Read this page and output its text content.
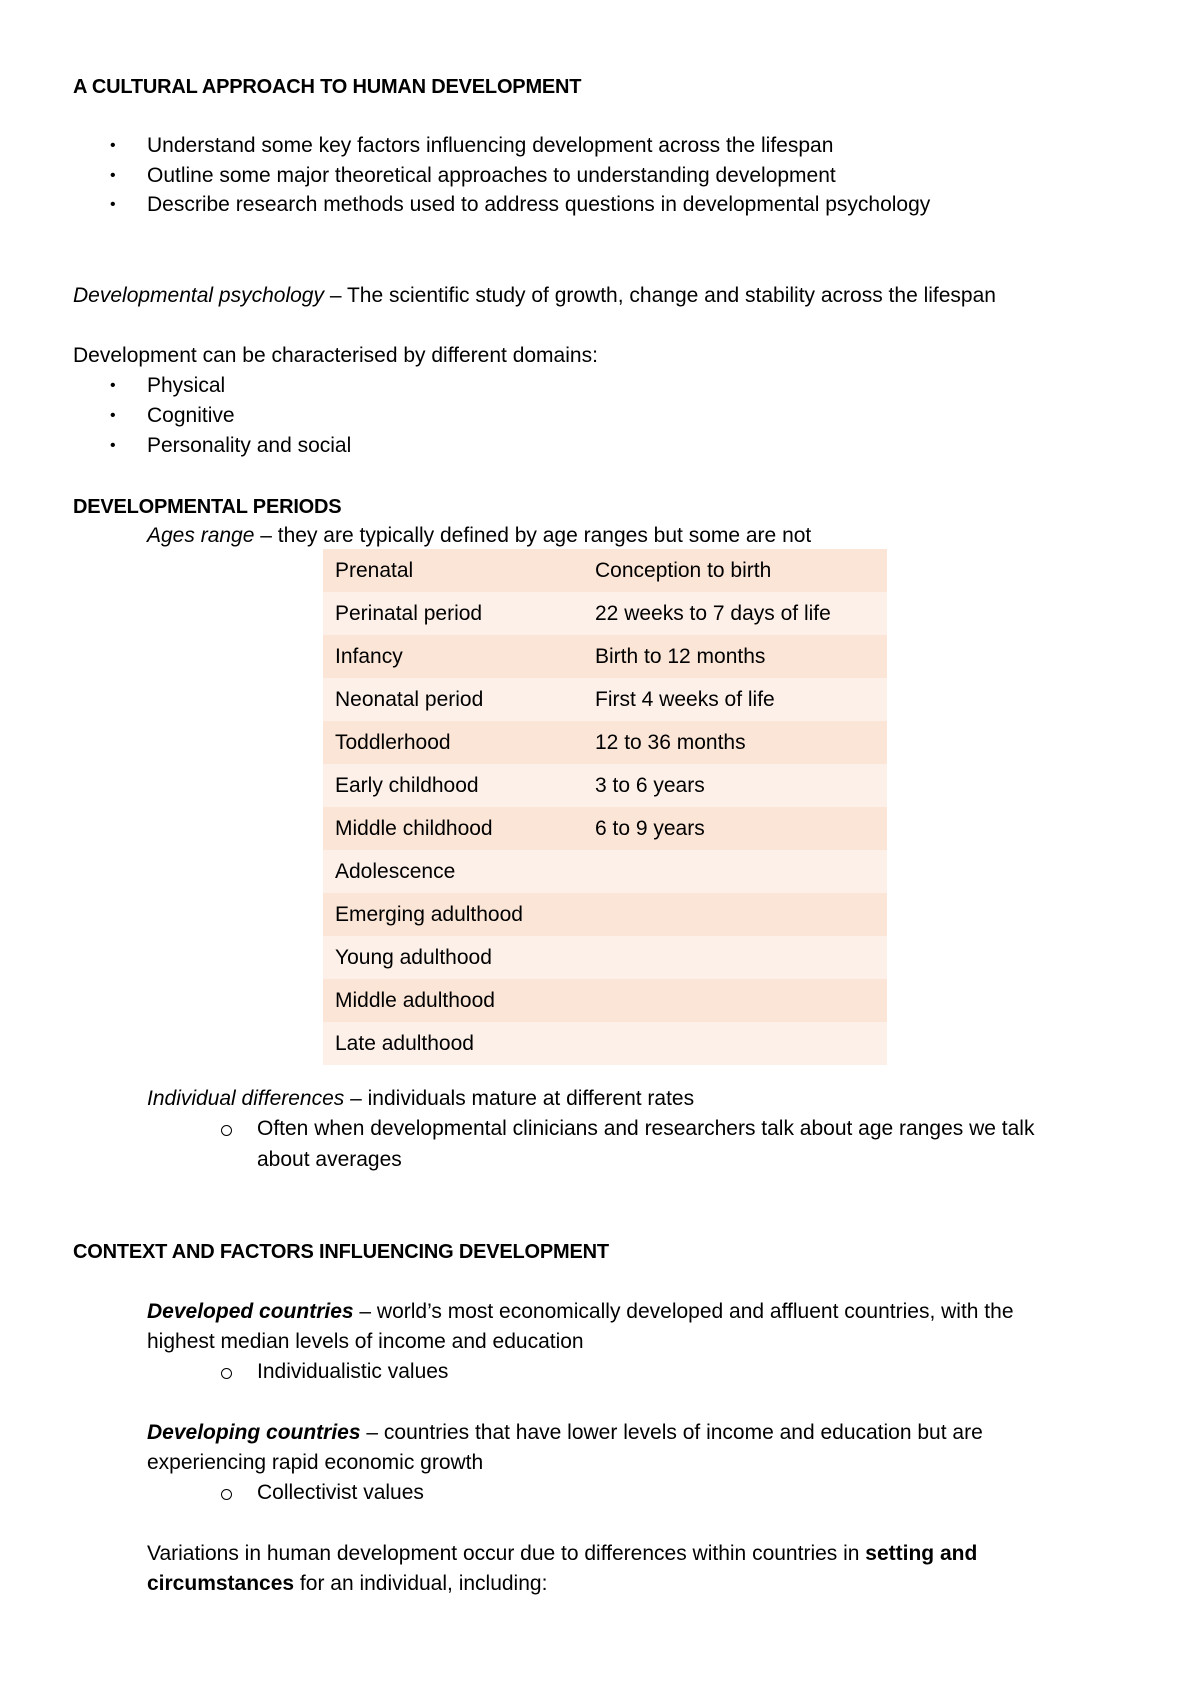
A CULTURAL APPROACH TO HUMAN DEVELOPMENT
• Understand some key factors influencing development across the lifespan
• Outline some major theoretical approaches to understanding development
• Describe research methods used to address questions in developmental psychology
Developmental psychology – The scientific study of growth, change and stability across the lifespan
Development can be characterised by different domains:
• Physical
• Cognitive
• Personality and social
DEVELOPMENTAL PERIODS
Ages range – they are typically defined by age ranges but some are not
Prenatal	Conception to birth
Perinatal period	22 weeks to 7 days of life
Infancy	Birth to 12 months
Neonatal period	First 4 weeks of life
Toddlerhood	12 to 36 months
Early childhood	3 to 6 years
Middle childhood	6 to 9 years
Adolescence	
Emerging adulthood	
Young adulthood	
Middle adulthood	
Late adulthood	
Individual differences – individuals mature at different rates
Often when developmental clinicians and researchers talk about age ranges we talk
about averages
CONTEXT AND FACTORS INFLUENCING DEVELOPMENT
Developed countries – world’s most economically developed and affluent countries, with the
highest median levels of income and education
Individualistic values
Developing countries – countries that have lower levels of income and education but are
experiencing rapid economic growth
Collectivist values
Variations in human development occur due to differences within countries in setting and
circumstances for an individual, including:
